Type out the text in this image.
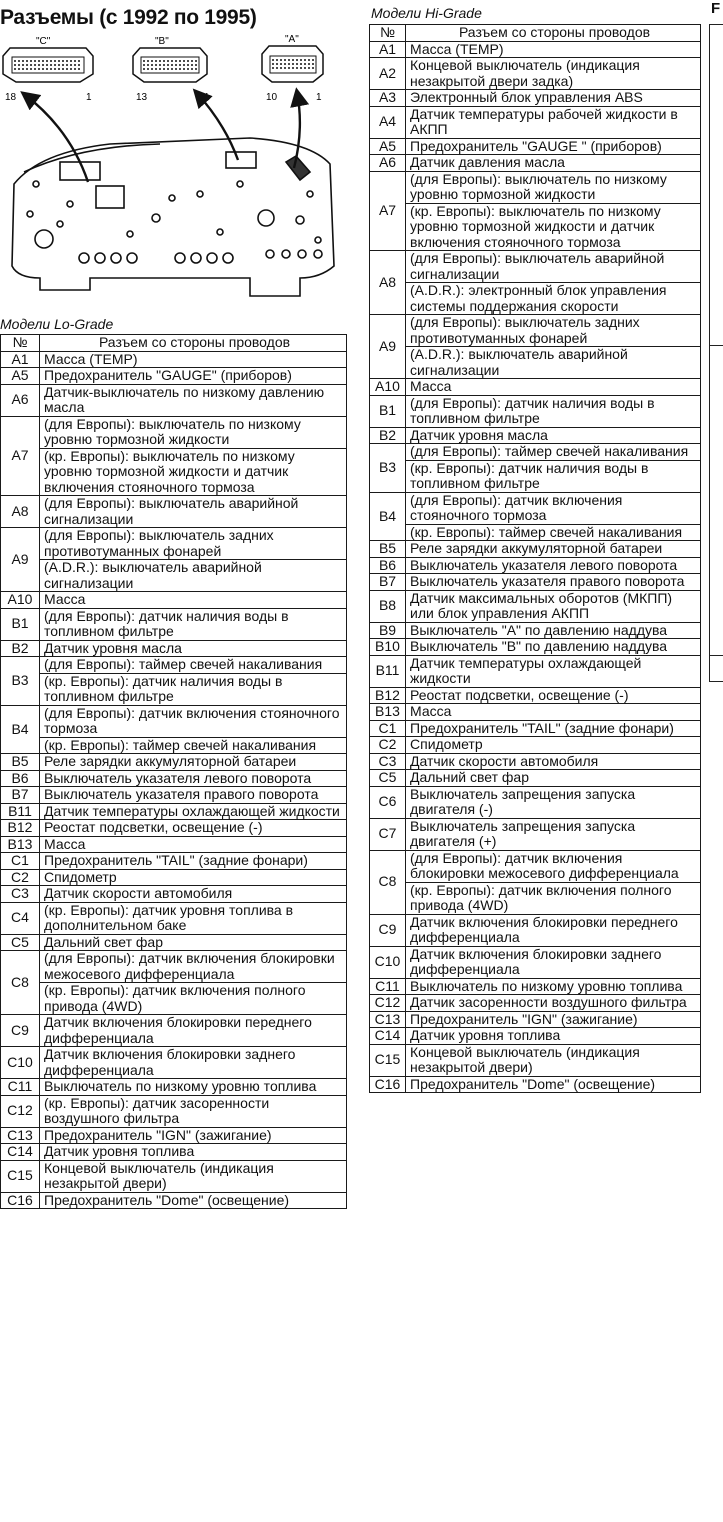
Разъемы (с 1992 по 1995)	F
"C"
18	1
"B"
13	1
"A"
10	1
Модели Lo-Grade
№	Разъем со стороны проводов
A1	Масса (TEMP)
A5	Предохранитель "GAUGE" (приборов)
A6	Датчик-выключатель по низкому давлению масла
A7	(для Европы): выключатель по низкому уровню тормозной жидкости
	(кр. Европы): выключатель по низкому уровню тормозной жидкости и датчик включения стояночного тормоза
A8	(для Европы): выключатель аварийной сигнализации
A9	(для Европы): выключатель задних противотуманных фонарей
	(A.D.R.): выключатель аварийной сигнализации
A10	Масса
B1	(для Европы): датчик наличия воды в топливном фильтре
B2	Датчик уровня масла
B3	(для Европы): таймер свечей накаливания
	(кр. Европы): датчик наличия воды в топливном фильтре
B4	(для Европы): датчик включения стояночного тормоза
	(кр. Европы): таймер свечей накаливания
B5	Реле зарядки аккумуляторной батареи
B6	Выключатель указателя левого поворота
B7	Выключатель указателя правого поворота
B11	Датчик температуры охлаждающей жидкости
B12	Реостат подсветки, освещение (-)
B13	Масса
C1	Предохранитель "TAIL" (задние фонари)
C2	Спидометр
C3	Датчик скорости автомобиля
C4	(кр. Европы): датчик уровня топлива в дополнительном баке
C5	Дальний свет фар
C8	(для Европы): датчик включения блокировки межосевого дифференциала
	(кр. Европы): датчик включения полного привода (4WD)
C9	Датчик включения блокировки переднего дифференциала
C10	Датчик включения блокировки заднего дифференциала
C11	Выключатель по низкому уровню топлива
C12	(кр. Европы): датчик засоренности воздушного фильтра
C13	Предохранитель "IGN" (зажигание)
C14	Датчик уровня топлива
C15	Концевой выключатель (индикация незакрытой двери)
C16	Предохранитель "Dome" (освещение)
Модели Hi-Grade
№	Разъем со стороны проводов
A1	Масса (TEMP)
A2	Концевой выключатель (индикация незакрытой двери задка)
A3	Электронный блок управления ABS
A4	Датчик температуры рабочей жидкости в АКПП
A5	Предохранитель "GAUGE " (приборов)
A6	Датчик давления масла
A7	(для Европы): выключатель по низкому уровню тормозной жидкости
	(кр. Европы): выключатель по низкому уровню тормозной жидкости и датчик включения стояночного тормоза
A8	(для Европы): выключатель аварийной сигнализации
	(A.D.R.): электронный блок управления системы поддержания скорости
A9	(для Европы): выключатель задних противотуманных фонарей
	(A.D.R.): выключатель аварийной сигнализации
A10	Масса
B1	(для Европы): датчик наличия воды в топливном фильтре
B2	Датчик уровня масла
B3	(для Европы): таймер свечей накаливания
	(кр. Европы): датчик наличия воды в топливном фильтре
B4	(для Европы): датчик включения стояночного тормоза
	(кр. Европы): таймер свечей накаливания
B5	Реле зарядки аккумуляторной батареи
B6	Выключатель указателя левого поворота
B7	Выключатель указателя правого поворота
B8	Датчик максимальных оборотов (МКПП) или блок управления АКПП
B9	Выключатель "A" по давлению наддува
B10	Выключатель "B" по давлению наддува
B11	Датчик температуры охлаждающей жидкости
B12	Реостат подсветки, освещение (-)
B13	Масса
C1	Предохранитель "TAIL" (задние фонари)
C2	Спидометр
C3	Датчик скорости автомобиля
C5	Дальний свет фар
C6	Выключатель запрещения запуска двигателя (-)
C7	Выключатель запрещения запуска двигателя (+)
C8	(для Европы): датчик включения блокировки межосевого дифференциала
	(кр. Европы): датчик включения полного привода (4WD)
C9	Датчик включения блокировки переднего дифференциала
C10	Датчик включения блокировки заднего дифференциала
C11	Выключатель по низкому уровню топлива
C12	Датчик засоренности воздушного фильтра
C13	Предохранитель "IGN" (зажигание)
C14	Датчик уровня топлива
C15	Концевой выключатель (индикация незакрытой двери)
C16	Предохранитель "Dome" (освещение)
